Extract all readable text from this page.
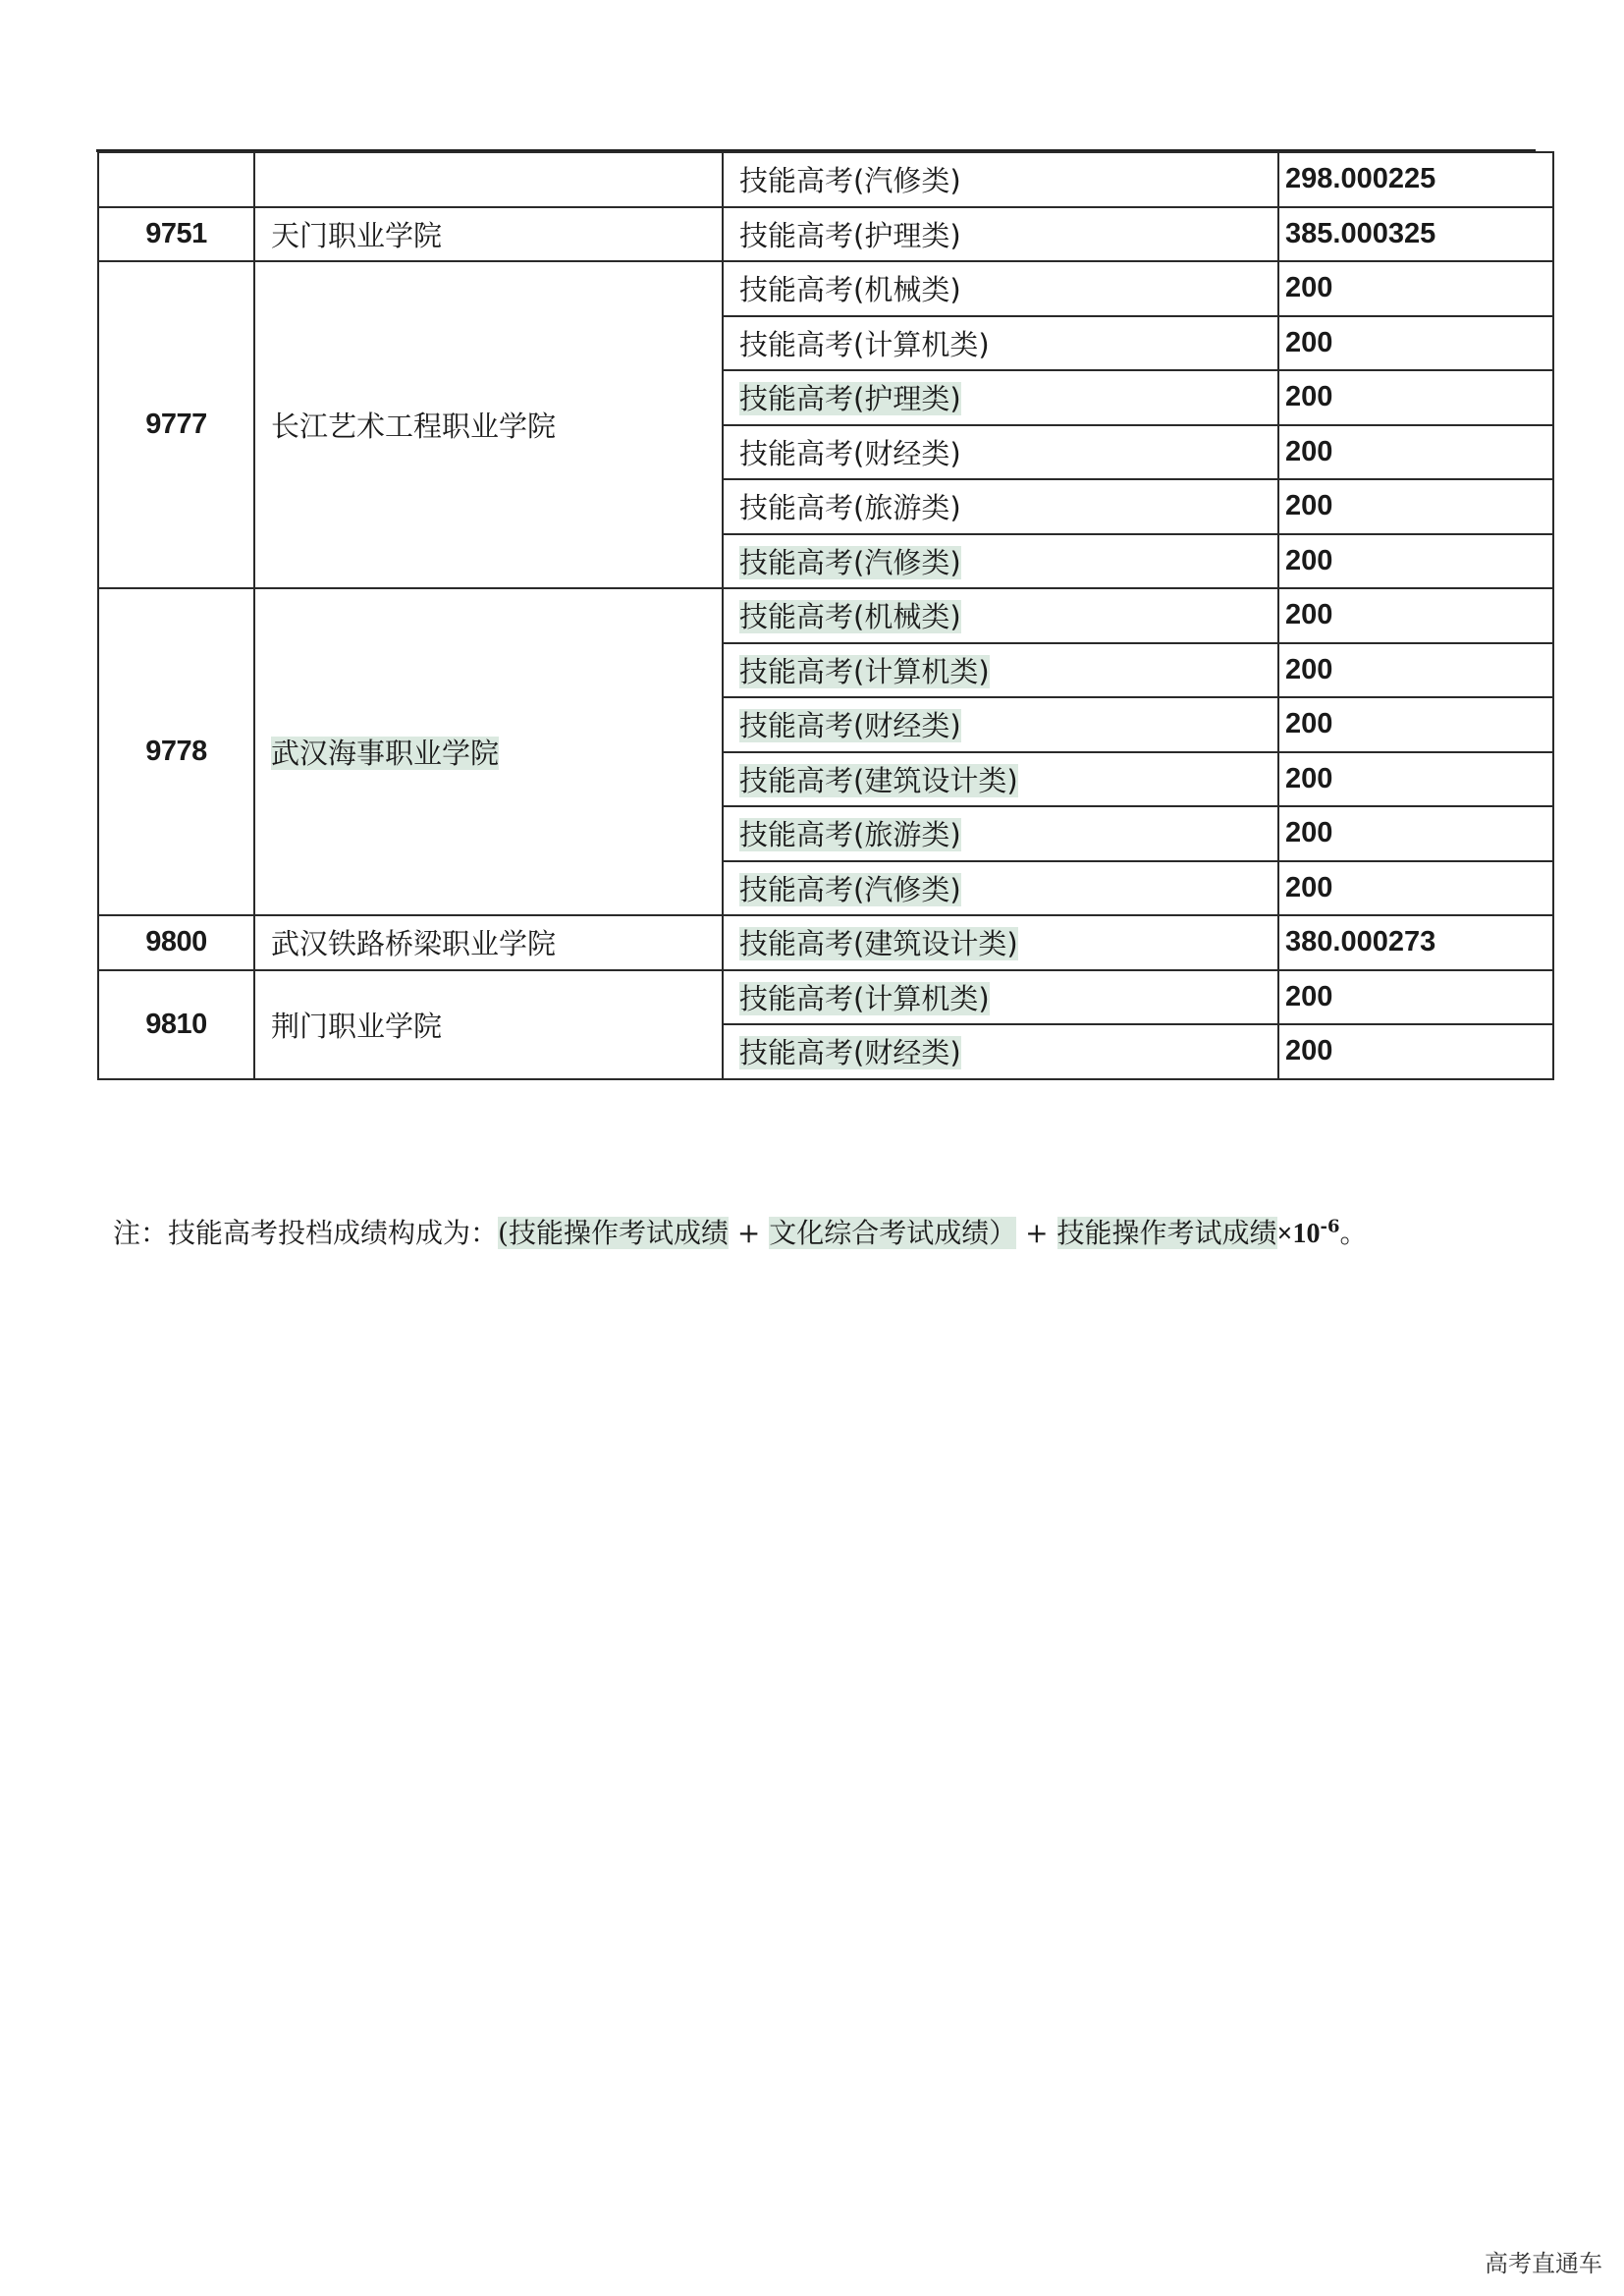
		技能高考(汽修类)	298.000225
9751	天门职业学院	技能高考(护理类)	385.000325
9777	长江艺术工程职业学院	技能高考(机械类)	200
		技能高考(计算机类)	200
		技能高考(护理类)	200
		技能高考(财经类)	200
		技能高考(旅游类)	200
		技能高考(汽修类)	200
9778	武汉海事职业学院	技能高考(机械类)	200
		技能高考(计算机类)	200
		技能高考(财经类)	200
		技能高考(建筑设计类)	200
		技能高考(旅游类)	200
		技能高考(汽修类)	200
9800	武汉铁路桥梁职业学院	技能高考(建筑设计类)	380.000273
9810	荆门职业学院	技能高考(计算机类)	200
		技能高考(财经类)	200
注：技能高考投档成绩构成为：(技能操作考试成绩 + 文化综合考试成绩） + 技能操作考试成绩$\times 10^{-6}$。
高考直通车
